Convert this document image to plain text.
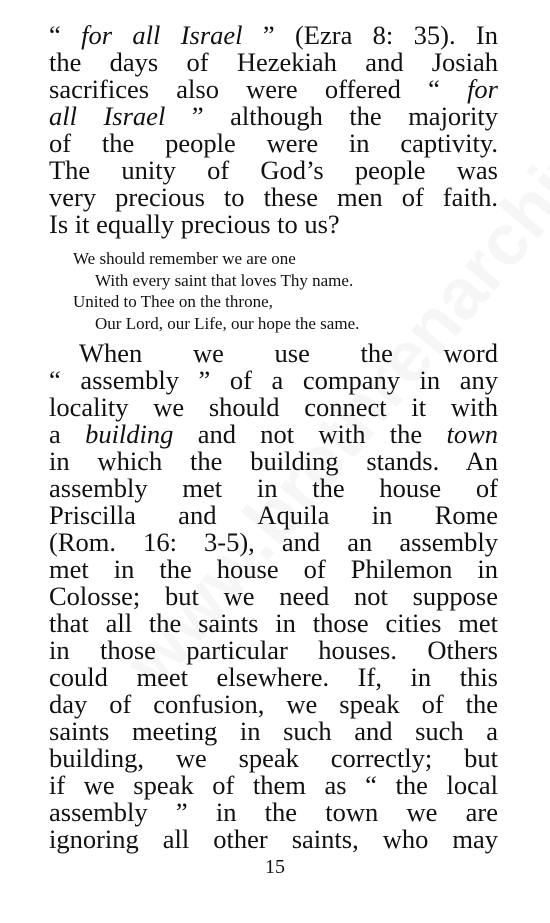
“ for all Israel ” (Ezra 8: 35). In
the days of Hezekiah and Josiah
sacrifices also were offered “ for
all Israel ” although the majority
of the people were in captivity.
The unity of God’s people was
very precious to these men of faith.
Is it equally precious to us?
We should remember we are one
With every saint that loves Thy name.
United to Thee on the throne,
Our Lord, our Life, our hope the same.
When we use the word
“ assembly ” of a company in any
locality we should connect it with
a building and not with the town
in which the building stands. An
assembly met in the house of
Priscilla and Aquila in Rome
(Rom. 16: 3-5), and an assembly
met in the house of Philemon in
Colosse; but we need not suppose
that all the saints in those cities met
in those particular houses. Others
could meet elsewhere. If, in this
day of confusion, we speak of the
saints meeting in such and such a
building, we speak correctly; but
if we speak of them as “ the local
assembly ” in the town we are
ignoring all other saints, who may
15
